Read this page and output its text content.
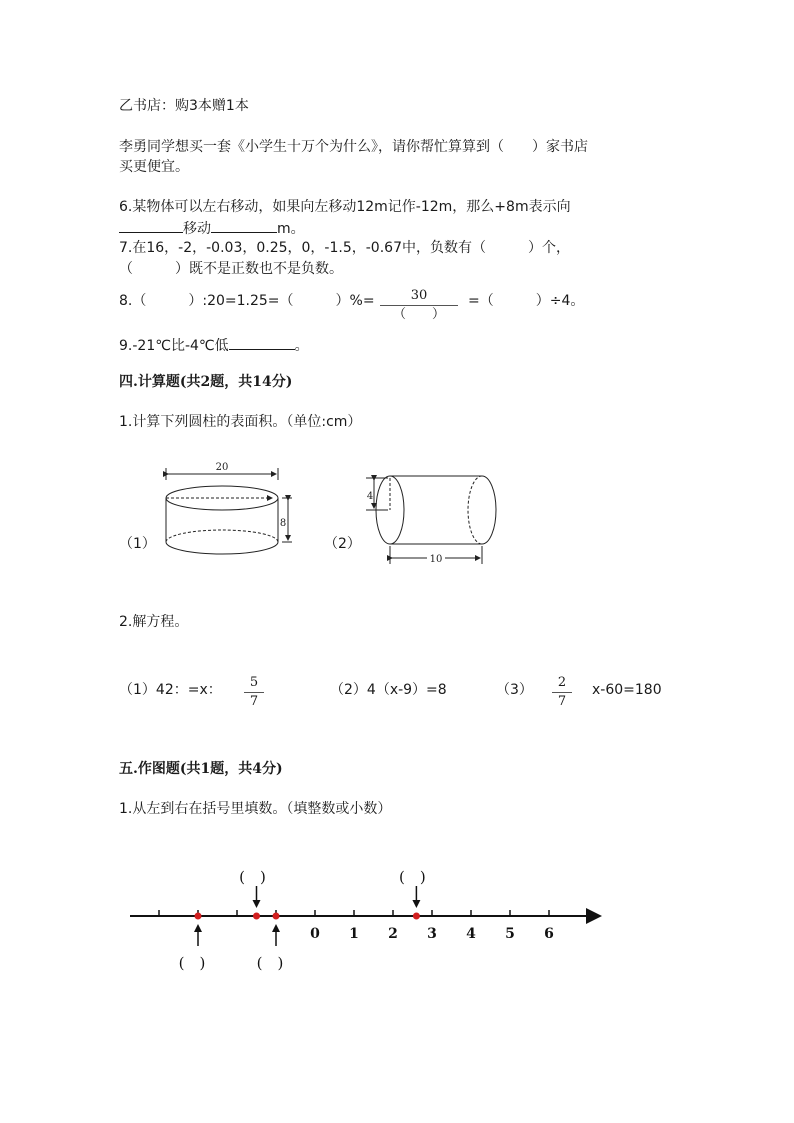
乙书店：购3本赠1本
李勇同学想买一套《小学生十万个为什么》，请你帮忙算算到（　　）家书店
买更便宜。
6.某物体可以左右移动，如果向左移动12m记作-12m，那么+8m表示向
移动	m。
7.在16，-2，-0.03，0.25，0，-1.5，-0.67中，负数有（　　　）个，
（　　　）既不是正数也不是负数。
8.（　　　）:20=1.25=（　　　）%=	30
（　　）
=（　　　）÷4。
9.-21℃比-4℃低	。
四.计算题(共2题，共14分)
1.计算下列圆柱的表面积。（单位:cm）
（1）
20
8
（2）
4
10
2.解方程。
（1）42：=x：	5
7
（2）4（x-9）=8	（3）	2
7
x-60=180
五.作图题(共1题，共4分)
1.从左到右在括号里填数。（填整数或小数）
0 1 2 3 4 5 6
(　)	(　)
(　)	(　)
